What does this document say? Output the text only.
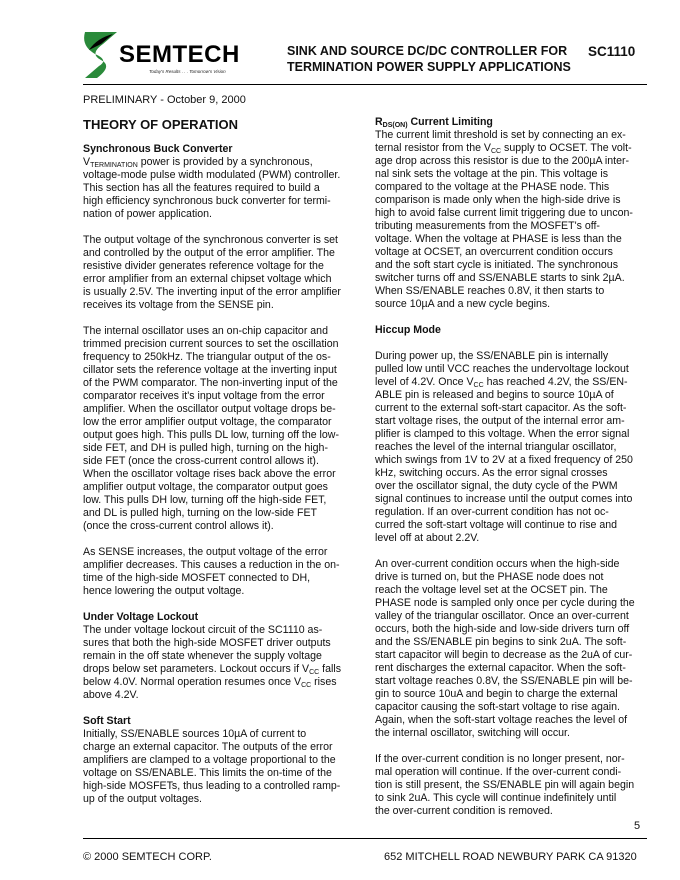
SEMTECH
Today's Results . . . Tomorrow's Vision
SINK AND SOURCE DC/DC CONTROLLER FOR
TERMINATION POWER SUPPLY APPLICATIONS
SC1110
PRELIMINARY - October 9, 2000
THEORY OF OPERATION
Synchronous Buck Converter
$V_{TERMINATION}$ power is provided by a synchronous,
voltage-mode pulse width modulated (PWM) controller.
This section has all the features required to build a
high efficiency synchronous buck converter for termi-
nation of power application.
The output voltage of the synchronous converter is set
and controlled by the output of the error amplifier. The
resistive divider generates reference voltage for the
error amplifier from an external chipset voltage which
is usually 2.5V. The inverting input of the error amplifier
receives its voltage from the SENSE pin.
The internal oscillator uses an on-chip capacitor and
trimmed precision current sources to set the oscillation
frequency to 250kHz. The triangular output of the os-
cillator sets the reference voltage at the inverting input
of the PWM comparator. The non-inverting input of the
comparator receives it's input voltage from the error
amplifier. When the oscillator output voltage drops be-
low the error amplifier output voltage, the comparator
output goes high. This pulls DL low, turning off the low-
side FET, and DH is pulled high, turning on the high-
side FET (once the cross-current control allows it).
When the oscillator voltage rises back above the error
amplifier output voltage, the comparator output goes
low. This pulls DH low, turning off the high-side FET,
and DL is pulled high, turning on the low-side FET
(once the cross-current control allows it).
As SENSE increases, the output voltage of the error
amplifier decreases. This causes a reduction in the on-
time of the high-side MOSFET connected to DH,
hence lowering the output voltage.
Under Voltage Lockout
The under voltage lockout circuit of the SC1110 as-
sures that both the high-side MOSFET driver outputs
remain in the off state whenever the supply voltage
drops below set parameters. Lockout occurs if $V_{CC}$ falls
below 4.0V. Normal operation resumes once $V_{CC}$ rises
above 4.2V.
Soft Start
Initially, SS/ENABLE sources 10µA of current to
charge an external capacitor. The outputs of the error
amplifiers are clamped to a voltage proportional to the
voltage on SS/ENABLE. This limits the on-time of the
high-side MOSFETs, thus leading to a controlled ramp-
up of the output voltages.
$R_{DS(ON)}$ Current Limiting
The current limit threshold is set by connecting an ex-
ternal resistor from the $V_{CC}$ supply to OCSET. The volt-
age drop across this resistor is due to the 200µA inter-
nal sink sets the voltage at the pin. This voltage is
compared to the voltage at the PHASE node. This
comparison is made only when the high-side drive is
high to avoid false current limit triggering due to uncon-
tributing measurements from the MOSFET's off-
voltage. When the voltage at PHASE is less than the
voltage at OCSET, an overcurrent condition occurs
and the soft start cycle is initiated. The synchronous
switcher turns off and SS/ENABLE starts to sink 2µA.
When SS/ENABLE reaches 0.8V, it then starts to
source 10µA and a new cycle begins.
Hiccup Mode
During power up, the SS/ENABLE pin is internally
pulled low until VCC reaches the undervoltage lockout
level of 4.2V. Once $V_{CC}$ has reached 4.2V, the SS/EN-
ABLE pin is released and begins to source 10µA of
current to the external soft-start capacitor. As the soft-
start voltage rises, the output of the internal error am-
plifier is clamped to this voltage. When the error signal
reaches the level of the internal triangular oscillator,
which swings from 1V to 2V at a fixed frequency of 250
kHz, switching occurs. As the error signal crosses
over the oscillator signal, the duty cycle of the PWM
signal continues to increase until the output comes into
regulation. If an over-current condition has not oc-
curred the soft-start voltage will continue to rise and
level off at about 2.2V.
An over-current condition occurs when the high-side
drive is turned on, but the PHASE node does not
reach the voltage level set at the OCSET pin. The
PHASE node is sampled only once per cycle during the
valley of the triangular oscillator. Once an over-current
occurs, both the high-side and low-side drivers turn off
and the SS/ENABLE pin begins to sink 2uA. The soft-
start capacitor will begin to decrease as the 2uA of cur-
rent discharges the external capacitor. When the soft-
start voltage reaches 0.8V, the SS/ENABLE pin will be-
gin to source 10uA and begin to charge the external
capacitor causing the soft-start voltage to rise again.
Again, when the soft-start voltage reaches the level of
the internal oscillator, switching will occur.
If the over-current condition is no longer present, nor-
mal operation will continue. If the over-current condi-
tion is still present, the SS/ENABLE pin will again begin
to sink 2uA. This cycle will continue indefinitely until
the over-current condition is removed.
5
© 2000 SEMTECH CORP.	652 MITCHELL ROAD NEWBURY PARK CA 91320
